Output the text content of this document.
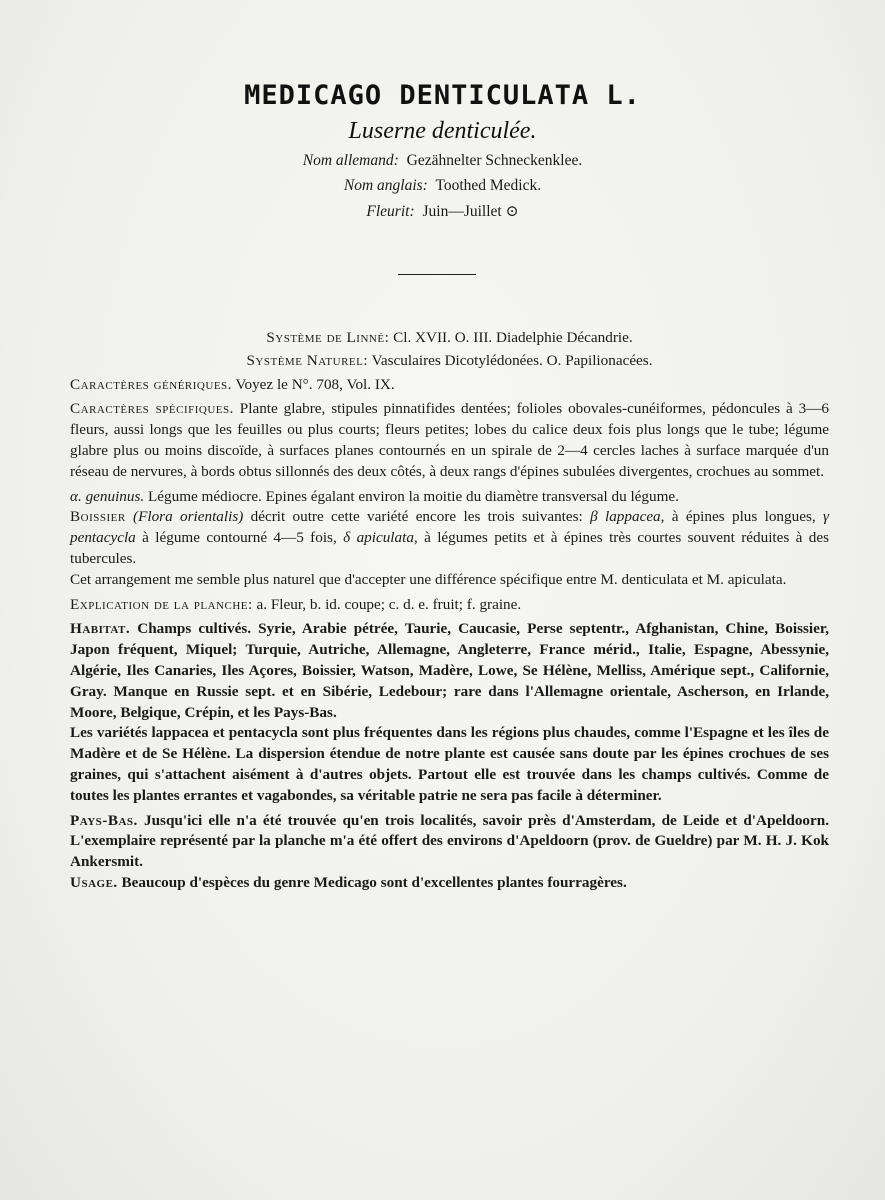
MEDICAGO DENTICULATA L.
Luserne denticulée.
Nom allemand: Gezähnelter Schneckenklee.
Nom anglais: Toothed Medick.
Fleurit: Juin—Juillet ⊙
Système de Linné: Cl. XVII. O. III. Diadelphie Décandrie.
Système Naturel: Vasculaires Dicotylédonées. O. Papilionacées.

Caractères génériques. Voyez le N°. 708, Vol. IX.

Caractères spécifiques. Plante glabre, stipules pinnatifides dentées; folioles obovales-cunéiformes, pédoncules à 3—6 fleurs, aussi longs que les feuilles ou plus courts; fleurs petites; lobes du calice deux fois plus longs que le tube; légume glabre plus ou moins discoïde, à surfaces planes contournés en un spirale de 2—4 cercles laches à surface marquée d'un réseau de nervures, à bords obtus sillonnés des deux côtés, à deux rangs d'épines subulées divergentes, crochues au sommet.

α. genuinus. Légume médiocre. Epines égalant environ la moitie du diamètre transversal du légume.

Boissier (Flora orientalis) décrit outre cette variété encore les trois suivantes: β lappacea, à épines plus longues, γ pentacycla à légume contourné 4—5 fois, δ apiculata, à légumes petits et à épines très courtes souvent réduites à des tubercules.

Cet arrangement me semble plus naturel que d'accepter une différence spécifique entre M. denticulata et M. apiculata.

Explication de la planche: a. Fleur, b. id. coupe; c. d. e. fruit; f. graine.

Habitat. Champs cultivés. Syrie, Arabie pétrée, Taurie, Caucasie, Perse septentr., Afghanistan, Chine, Boissier, Japon fréquent, Miquel; Turquie, Autriche, Allemagne, Angleterre, France mérid., Italie, Espagne, Abessynie, Algérie, Iles Canaries, Iles Açores, Boissier, Watson, Madère, Lowe, Se Hélène, Melliss, Amérique sept., Californie, Gray. Manque en Russie sept. et en Sibérie, Ledebour; rare dans l'Allemagne orientale, Ascherson, en Irlande, Moore, Belgique, Crépin, et les Pays-Bas.

Les variétés lappacea et pentacycla sont plus fréquentes dans les régions plus chaudes, comme l'Espagne et les îles de Madère et de Se Hélène. La dispersion étendue de notre plante est causée sans doute par les épines crochues de ses graines, qui s'attachent aisément à d'autres objets. Partout elle est trouvée dans les champs cultivés. Comme de toutes les plantes errantes et vagabondes, sa véritable patrie ne sera pas facile à déterminer.

Pays-Bas. Jusqu'ici elle n'a été trouvée qu'en trois localités, savoir près d'Amsterdam, de Leide et d'Apeldoorn. L'exemplaire représenté par la planche m'a été offert des environs d'Apeldoorn (prov. de Gueldre) par M. H. J. Kok Ankersmit.

Usage. Beaucoup d'espèces du genre Medicago sont d'excellentes plantes fourragères.
